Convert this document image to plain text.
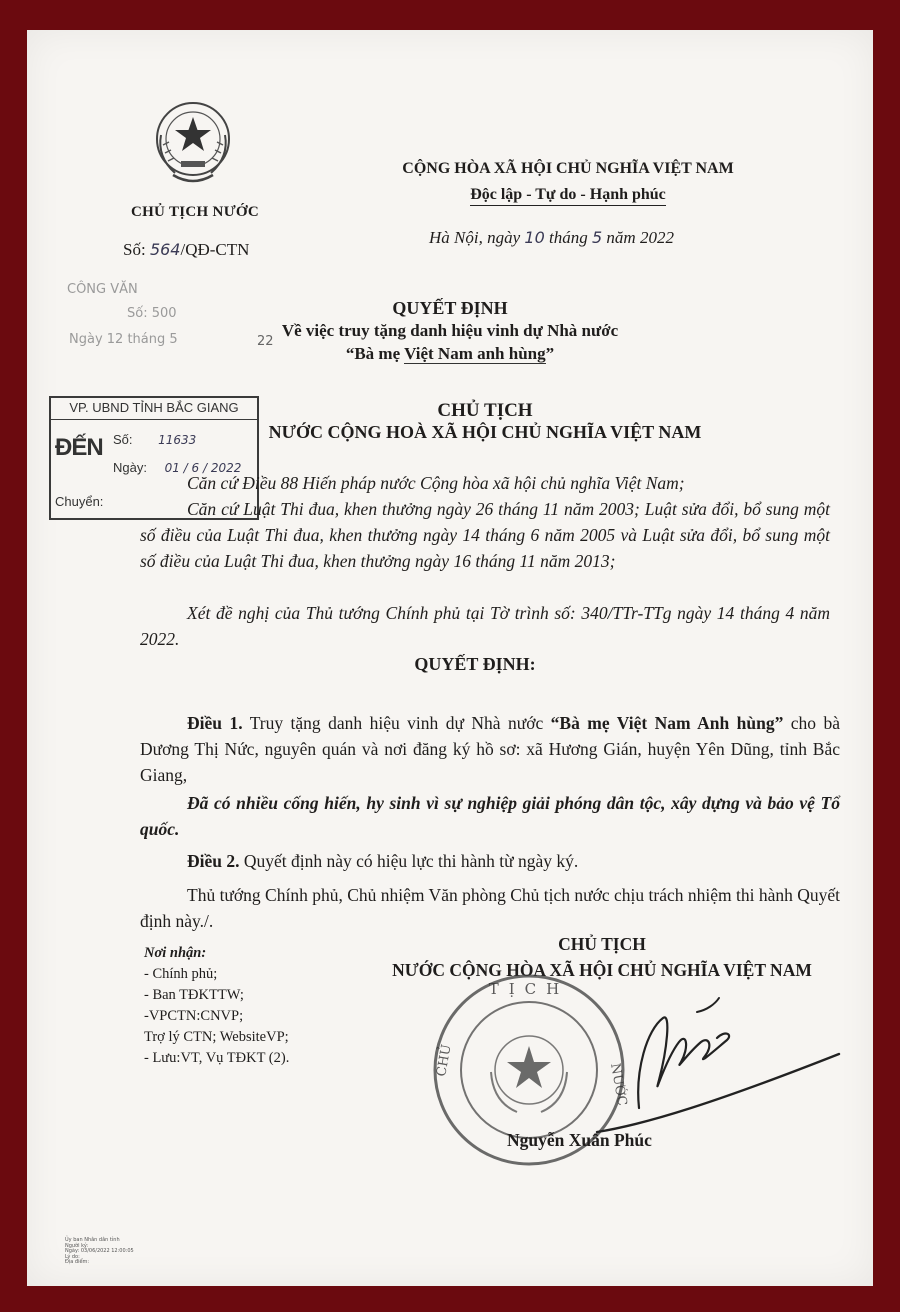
CHỦ TỊCH NƯỚC
Số: 564/QĐ-CTN
CỘNG HÒA XÃ HỘI CHỦ NGHĨA VIỆT NAM
Độc lập - Tự do - Hạnh phúc
Hà Nội, ngày 10 tháng 5 năm 2022
CÔNG VĂN
Số: 500
Ngày 12 tháng 5	22
VP. UBND TỈNH BẮC GIANG
ĐẾN Số: 11633
Ngày: 01 / 6 / 2022
Chuyển:
QUYẾT ĐỊNH
Về việc truy tặng danh hiệu vinh dự Nhà nước
“Bà mẹ Việt Nam anh hùng”
CHỦ TỊCH
NƯỚC CỘNG HOÀ XÃ HỘI CHỦ NGHĨA VIỆT NAM
Căn cứ Điều 88 Hiến pháp nước Cộng hòa xã hội chủ nghĩa Việt Nam;
Căn cứ Luật Thi đua, khen thưởng ngày 26 tháng 11 năm 2003; Luật sửa đổi, bổ sung một số điều của Luật Thi đua, khen thưởng ngày 14 tháng 6 năm 2005 và Luật sửa đổi, bổ sung một số điều của Luật Thi đua, khen thưởng ngày 16 tháng 11 năm 2013;
Xét đề nghị của Thủ tướng Chính phủ tại Tờ trình số: 340/TTr-TTg ngày 14 tháng 4 năm 2022.
QUYẾT ĐỊNH:
Điều 1. Truy tặng danh hiệu vinh dự Nhà nước “Bà mẹ Việt Nam Anh hùng” cho bà Dương Thị Nức, nguyên quán và nơi đăng ký hồ sơ: xã Hương Gián, huyện Yên Dũng, tỉnh Bắc Giang,
Đã có nhiều cống hiến, hy sinh vì sự nghiệp giải phóng dân tộc, xây dựng và bảo vệ Tổ quốc.
Điều 2. Quyết định này có hiệu lực thi hành từ ngày ký.
Thủ tướng Chính phủ, Chủ nhiệm Văn phòng Chủ tịch nước chịu trách nhiệm thi hành Quyết định này./.
Nơi nhận:
- Chính phủ;
- Ban TĐKTTW;
-VPCTN:CNVP;
Trợ lý CTN; WebsiteVP;
- Lưu:VT, Vụ TĐKT (2).
CHỦ TỊCH
NƯỚC CỘNG HÒA XÃ HỘI CHỦ NGHĨA VIỆT NAM
TỊCH
CHỦ
NƯỚC
Nguyễn Xuân Phúc
Ủy ban Nhân dân tỉnh
Người ký:
Ngày: 03/06/2022 12:00:05
Lý do:
Địa điểm:
